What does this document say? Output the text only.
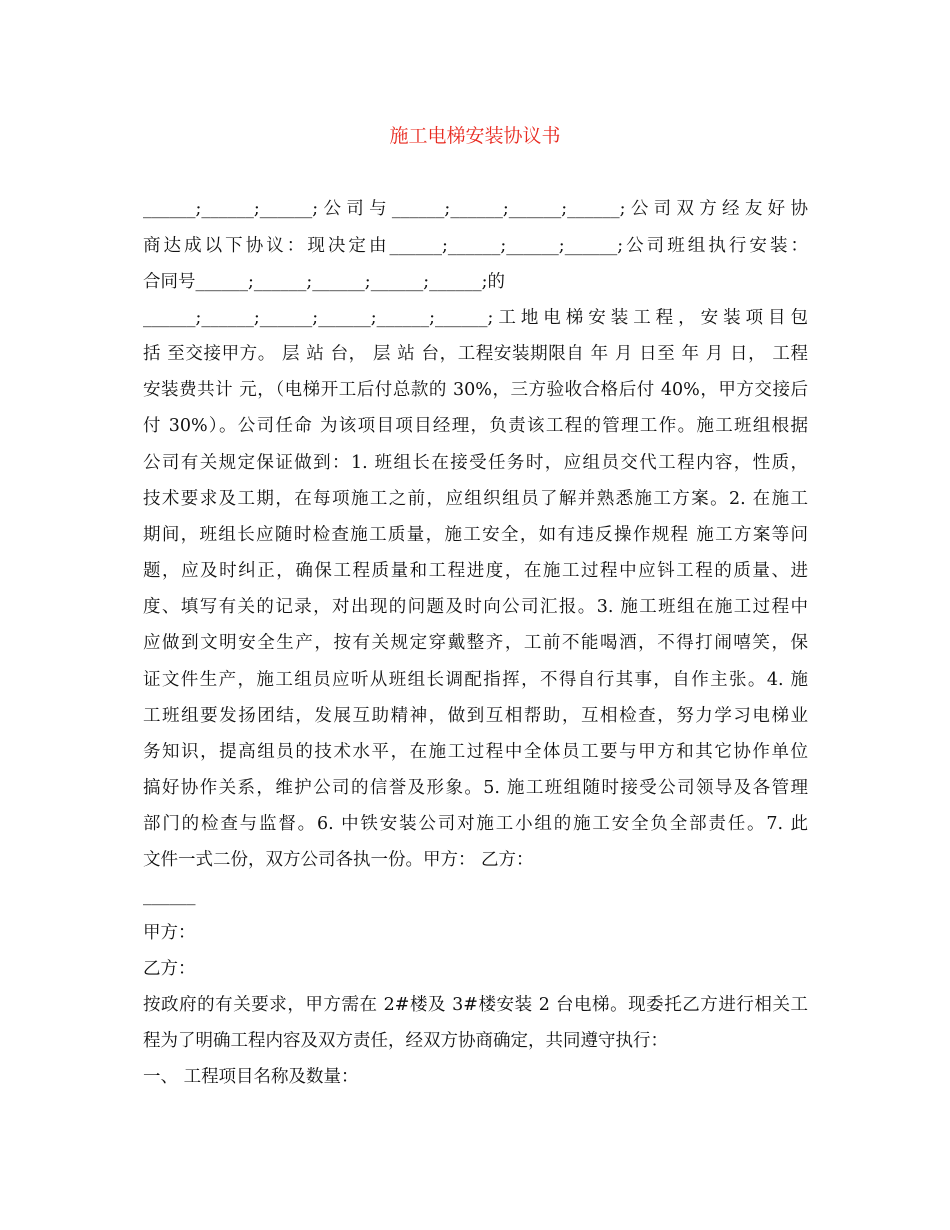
施工电梯安装协议书
______;______;______;公司与______;______;______;______;公司双方经友好协
商达成以下协议：现决定由______;______;______;______;公司班组执行安装：
合同号______;______;______;______;______;的
______;______;______;______;______;______;工地电梯安装工程，安装项目包
括 至交接甲方。 层 站 台， 层 站 台，工程安装期限自 年 月 日至 年 月 日， 工程
安装费共计 元，（电梯开工后付总款的 30%，三方验收合格后付 40%，甲方交接后
付 30%）。公司任命 为该项目项目经理，负责该工程的管理工作。施工班组根据
公司有关规定保证做到：1. 班组长在接受任务时，应组员交代工程内容，性质，
技术要求及工期，在每项施工之前，应组织组员了解并熟悉施工方案。2. 在施工
期间，班组长应随时检查施工质量，施工安全，如有违反操作规程 施工方案等问
题，应及时纠正，确保工程质量和工程进度，在施工过程中应钭工程的质量、进
度、填写有关的记录，对出现的问题及时向公司汇报。3. 施工班组在施工过程中
应做到文明安全生产，按有关规定穿戴整齐，工前不能喝酒，不得打闹嘻笑，保
证文件生产，施工组员应听从班组长调配指挥，不得自行其事，自作主张。4. 施
工班组要发扬团结，发展互助精神，做到互相帮助，互相检查，努力学习电梯业
务知识，提高组员的技术水平，在施工过程中全体员工要与甲方和其它协作单位
搞好协作关系，维护公司的信誉及形象。5. 施工班组随时接受公司领导及各管理
部门的检查与监督。6. 中铁安装公司对施工小组的施工安全负全部责任。7. 此
文件一式二份，双方公司各执一份。甲方： 乙方：
______
甲方：
乙方：
按政府的有关要求，甲方需在 2#楼及 3#楼安装 2 台电梯。现委托乙方进行相关工
程为了明确工程内容及双方责任，经双方协商确定，共同遵守执行：
一、 工程项目名称及数量：
